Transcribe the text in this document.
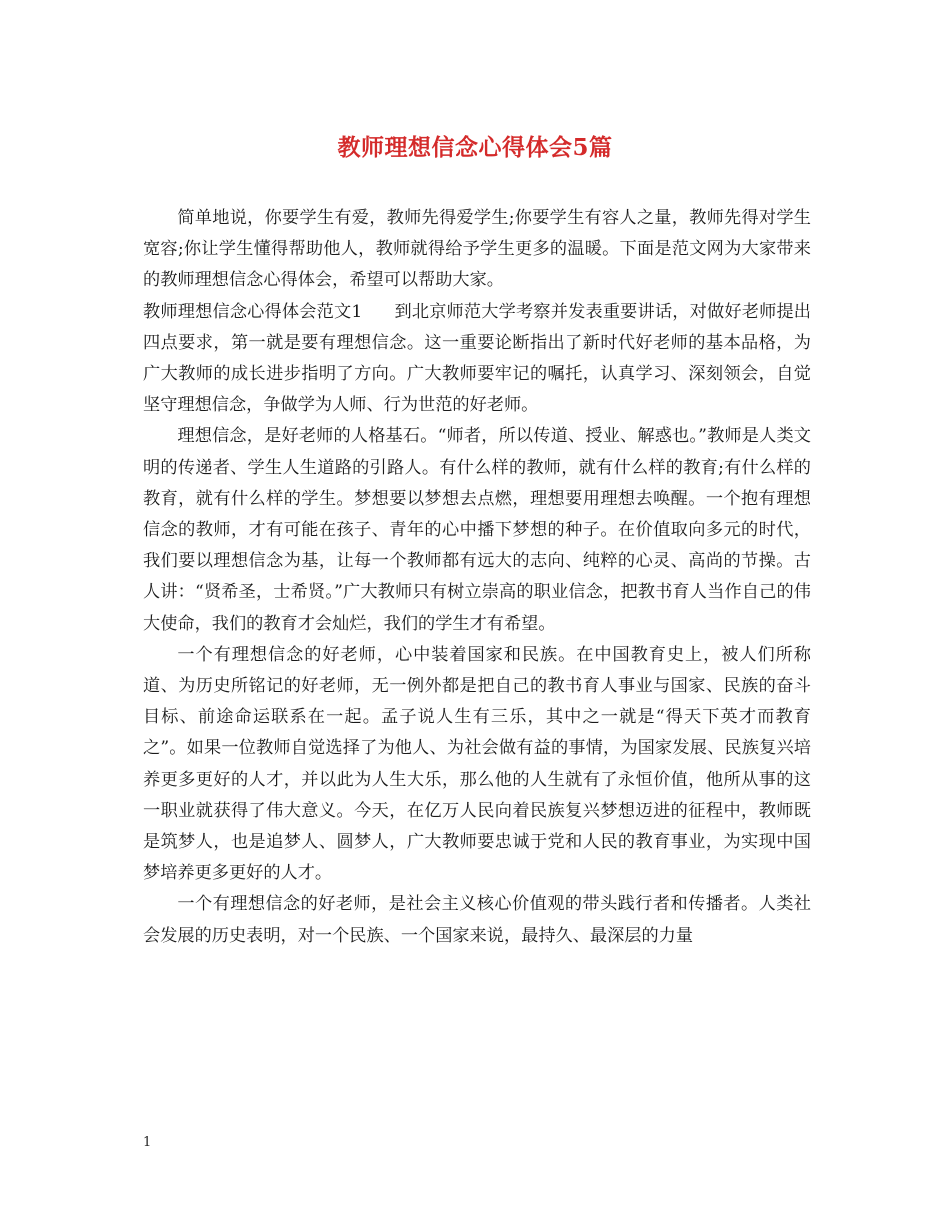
教师理想信念心得体会5篇

简单地说，你要学生有爱，教师先得爱学生;你要学生有容人之量，教师先得对学生宽容;你让学生懂得帮助他人，教师就得给予学生更多的温暖。下面是范文网为大家带来的教师理想信念心得体会，希望可以帮助大家。

教师理想信念心得体会范文1 到北京师范大学考察并发表重要讲话，对做好老师提出四点要求，第一就是要有理想信念。这一重要论断指出了新时代好老师的基本品格，为广大教师的成长进步指明了方向。广大教师要牢记的嘱托，认真学习、深刻领会，自觉坚守理想信念，争做学为人师、行为世范的好老师。

理想信念，是好老师的人格基石。“师者，所以传道、授业、解惑也。”教师是人类文明的传递者、学生人生道路的引路人。有什么样的教师，就有什么样的教育;有什么样的教育，就有什么样的学生。梦想要以梦想去点燃，理想要用理想去唤醒。一个抱有理想信念的教师，才有可能在孩子、青年的心中播下梦想的种子。在价值取向多元的时代，我们要以理想信念为基，让每一个教师都有远大的志向、纯粹的心灵、高尚的节操。古人讲：“贤希圣，士希贤。”广大教师只有树立崇高的职业信念，把教书育人当作自己的伟大使命，我们的教育才会灿烂，我们的学生才有希望。

一个有理想信念的好老师，心中装着国家和民族。在中国教育史上，被人们所称道、为历史所铭记的好老师，无一例外都是把自己的教书育人事业与国家、民族的奋斗目标、前途命运联系在一起。孟子说人生有三乐，其中之一就是“得天下英才而教育之”。如果一位教师自觉选择了为他人、为社会做有益的事情，为国家发展、民族复兴培养更多更好的人才，并以此为人生大乐，那么他的人生就有了永恒价值，他所从事的这一职业就获得了伟大意义。今天，在亿万人民向着民族复兴梦想迈进的征程中，教师既是筑梦人，也是追梦人、圆梦人，广大教师要忠诚于党和人民的教育事业，为实现中国梦培养更多更好的人才。

一个有理想信念的好老师，是社会主义核心价值观的带头践行者和传播者。人类社会发展的历史表明，对一个民族、一个国家来说，最持久、最深层的力量

1
